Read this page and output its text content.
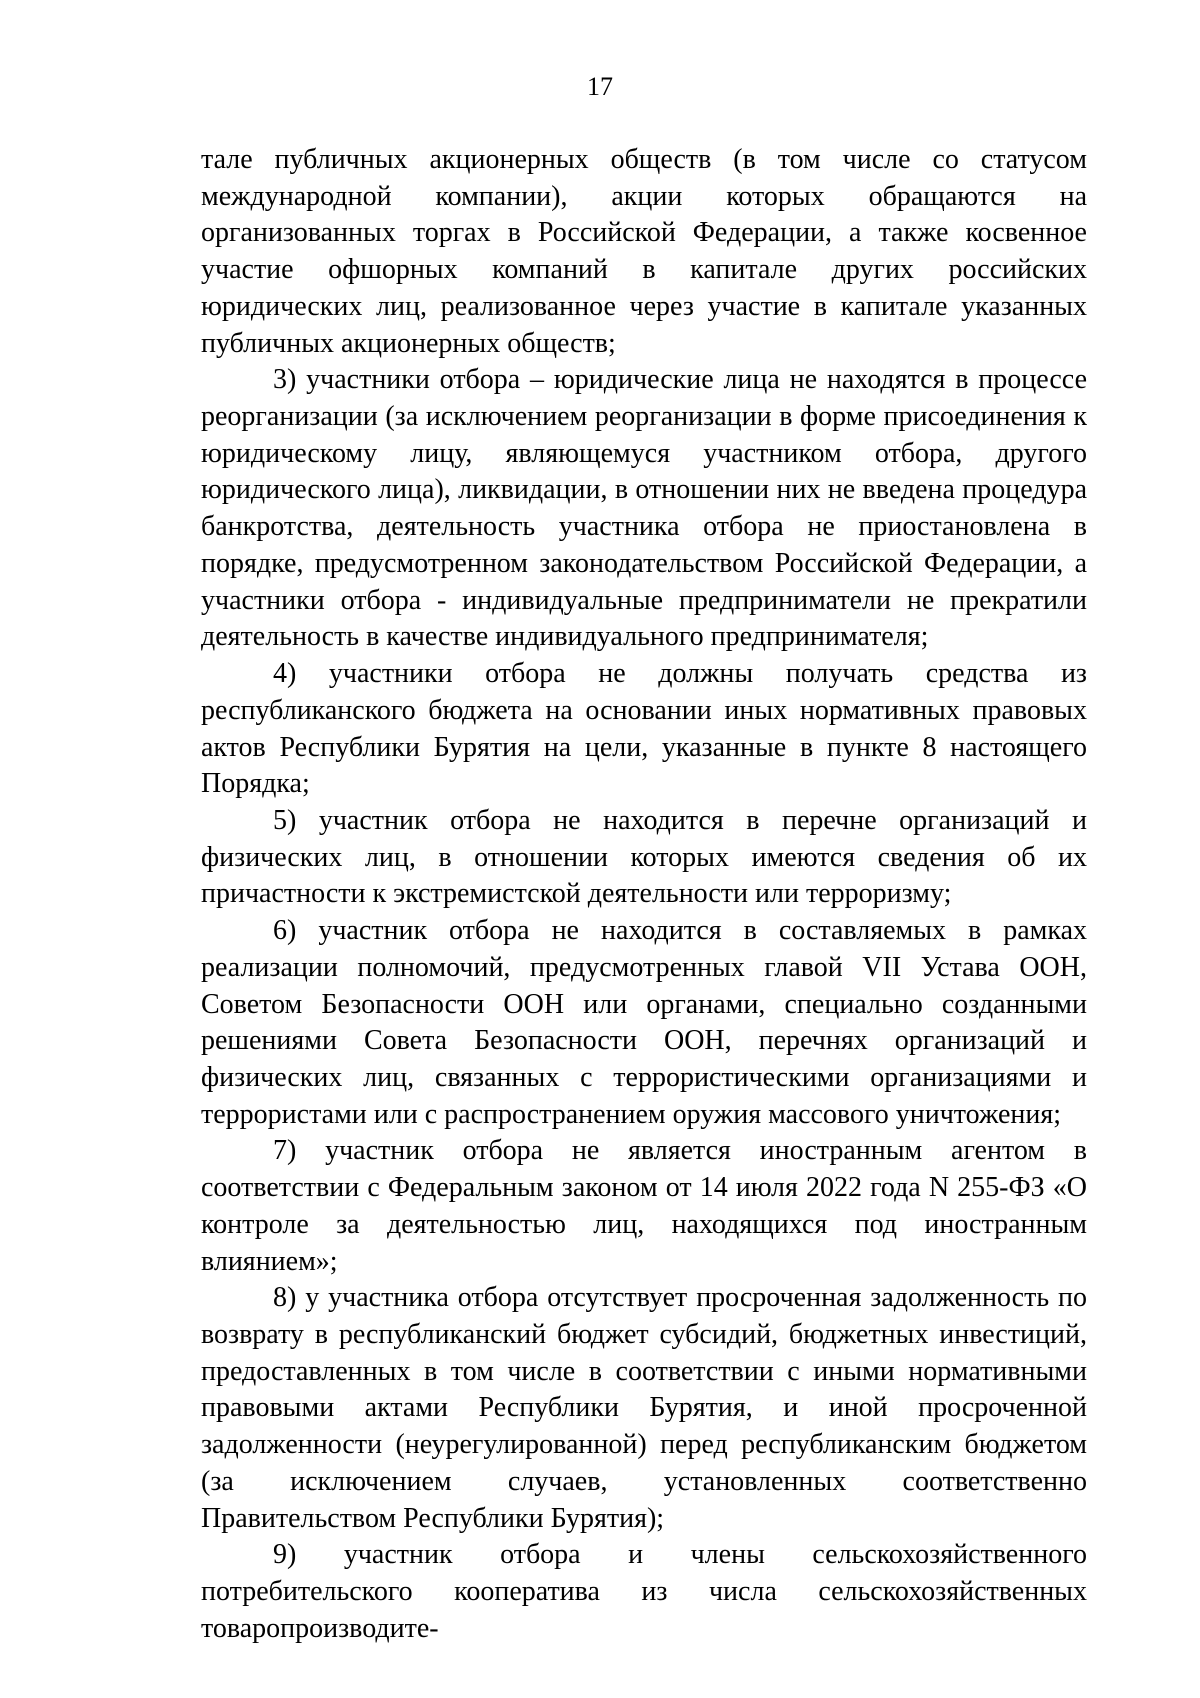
17

тале публичных акционерных обществ (в том числе со статусом международной компании), акции которых обращаются на организованных торгах в Российской Федерации, а также косвенное участие офшорных компаний в капитале других российских юридических лиц, реализованное через участие в капитале указанных публичных акционерных обществ;

3) участники отбора – юридические лица не находятся в процессе реорганизации (за исключением реорганизации в форме присоединения к юридическому лицу, являющемуся участником отбора, другого юридического лица), ликвидации, в отношении них не введена процедура банкротства, деятельность участника отбора не приостановлена в порядке, предусмотренном законодательством Российской Федерации, а участники отбора - индивидуальные предприниматели не прекратили деятельность в качестве индивидуального предпринимателя;

4) участники отбора не должны получать средства из республиканского бюджета на основании иных нормативных правовых актов Республики Бурятия на цели, указанные в пункте 8 настоящего Порядка;

5) участник отбора не находится в перечне организаций и физических лиц, в отношении которых имеются сведения об их причастности к экстремистской деятельности или терроризму;

6) участник отбора не находится в составляемых в рамках реализации полномочий, предусмотренных главой VII Устава ООН, Советом Безопасности ООН или органами, специально созданными решениями Совета Безопасности ООН, перечнях организаций и физических лиц, связанных с террористическими организациями и террористами или с распространением оружия массового уничтожения;

7) участник отбора не является иностранным агентом в соответствии с Федеральным законом от 14 июля 2022 года N 255-ФЗ «О контроле за деятельностью лиц, находящихся под иностранным влиянием»;

8) у участника отбора отсутствует просроченная задолженность по возврату в республиканский бюджет субсидий, бюджетных инвестиций, предоставленных в том числе в соответствии с иными нормативными правовыми актами Республики Бурятия, и иной просроченной задолженности (неурегулированной) перед республиканским бюджетом (за исключением случаев, установленных соответственно Правительством Республики Бурятия);

9) участник отбора и члены сельскохозяйственного потребительского кооператива из числа сельскохозяйственных товаропроизводите-
